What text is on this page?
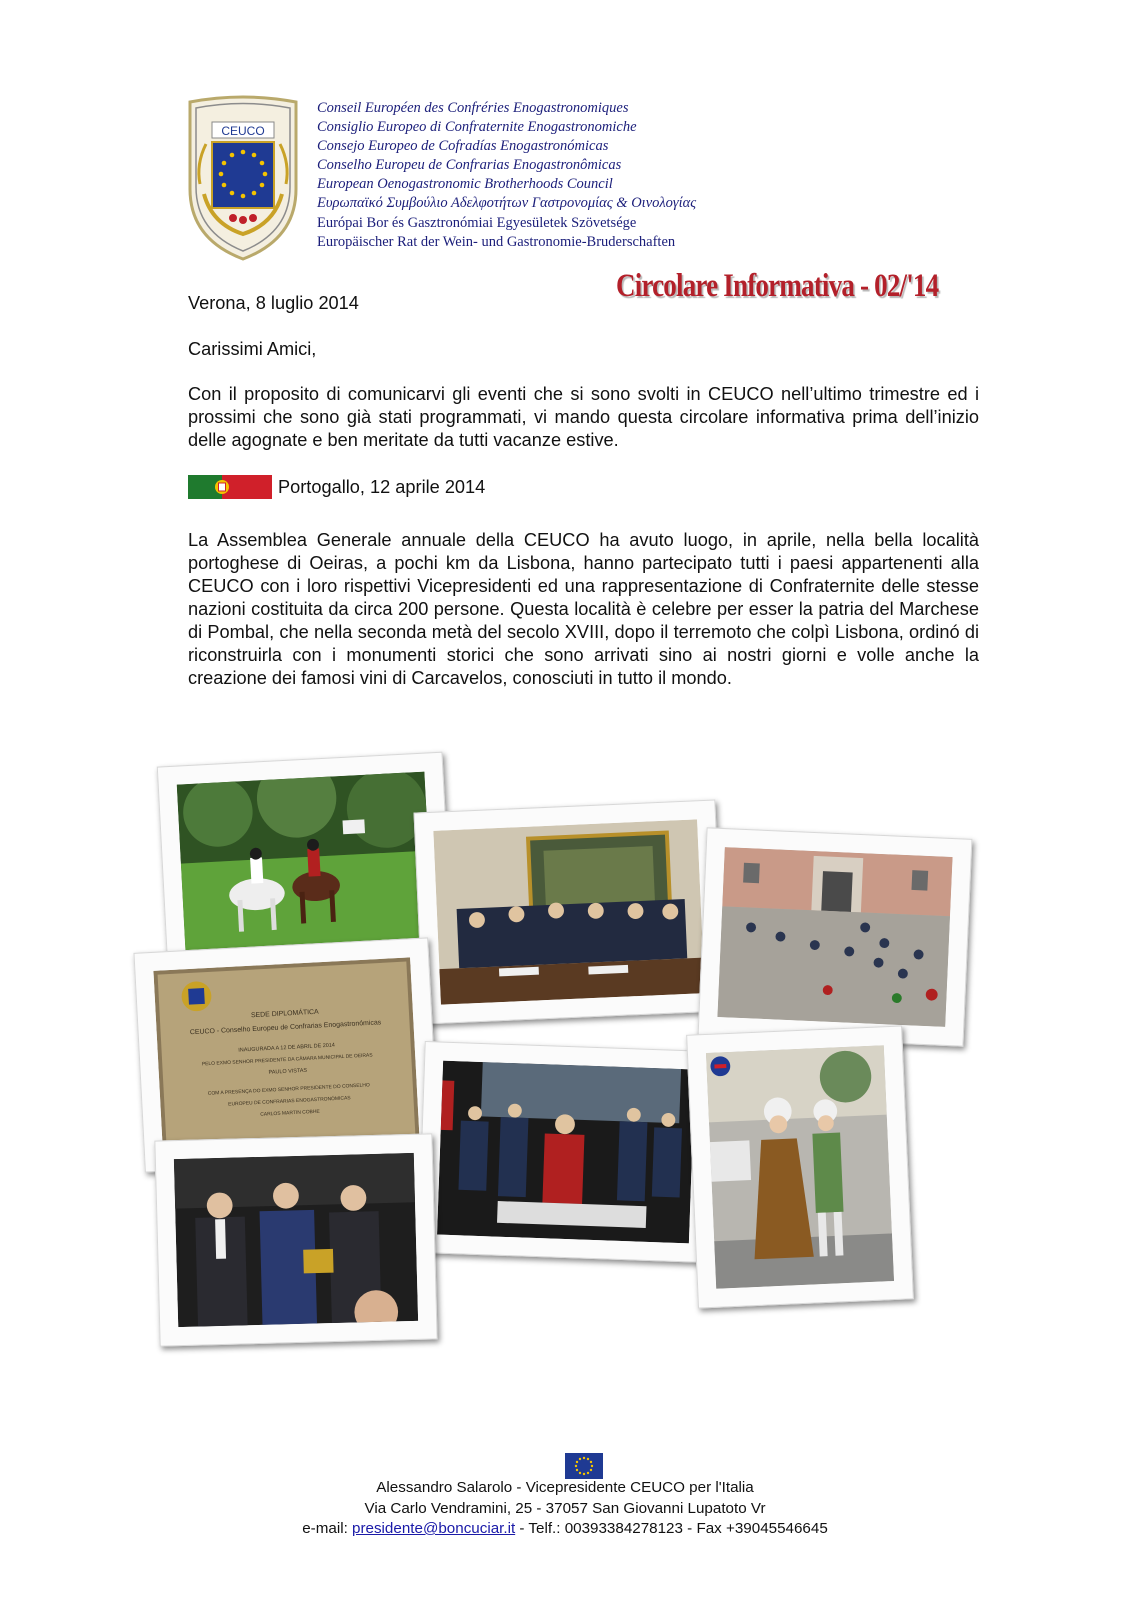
CEUCO
Conseil Européen des Confréries Enogastronomiques
Consiglio Europeo di Confraternite Enogastronomiche
Consejo Europeo de Cofradías Enogastronómicas
Conselho Europeu de Confrarias Enogastronômicas
European Oenogastronomic Brotherhoods Council
Ευρωπαϊκό Συμβούλιο Αδελφοτήτων Γαστρονομίας & Οινολογίας
Európai Bor és Gasztronómiai Egyesületek Szövetsége
Europäischer Rat der Wein- und Gastronomie-Bruderschaften
Circolare Informativa - 02/'14
Verona, 8 luglio 2014
Carissimi Amici,
Con il proposito di comunicarvi gli eventi che si sono svolti in CEUCO nell’ultimo trimestre ed i prossimi che sono già stati programmati, vi mando questa circolare informativa prima dell’inizio delle agognate e ben meritate da tutti vacanze estive.
Portogallo, 12 aprile 2014
La Assemblea Generale annuale della CEUCO ha avuto luogo, in aprile, nella bella località portoghese di Oeiras, a pochi km da Lisbona, hanno partecipato tutti i paesi appartenenti alla CEUCO con i loro rispettivi Vicepresidenti ed una rappresentazione di Confraternite delle stesse nazioni costituita da circa 200 persone. Questa località è celebre per esser la patria del Marchese di Pombal, che nella seconda metà del secolo XVIII, dopo il terremoto che colpì Lisbona, ordinó di riconstruirla con i monumenti storici che sono arrivati sino ai nostri giorni e volle anche la creazione dei famosi vini di Carcavelos, conosciuti in tutto il mondo.
SEDE DIPLOMÁTICA
CEUCO - Conselho Europeu de Confrarias Enogastronómicas
INAUGURADA A 12 DE ABRIL DE 2014
PELO EXMO SENHOR PRESIDENTE DA CÂMARA MUNICIPAL DE OEIRAS
PAULO VISTAS
COM A PRESENÇA DO EXMO SENHOR PRESIDENTE DO CONSELHO
EUROPEU DE CONFRARIAS ENOGASTRONÓMICAS
CARLOS MARTIN COBHE
Alessandro Salarolo - Vicepresidente CEUCO per l'Italia
Via Carlo Vendramini, 25 - 37057 San Giovanni Lupatoto Vr
e-mail: presidente@boncuciar.it - Telf.: 00393384278123 - Fax +39045546645
